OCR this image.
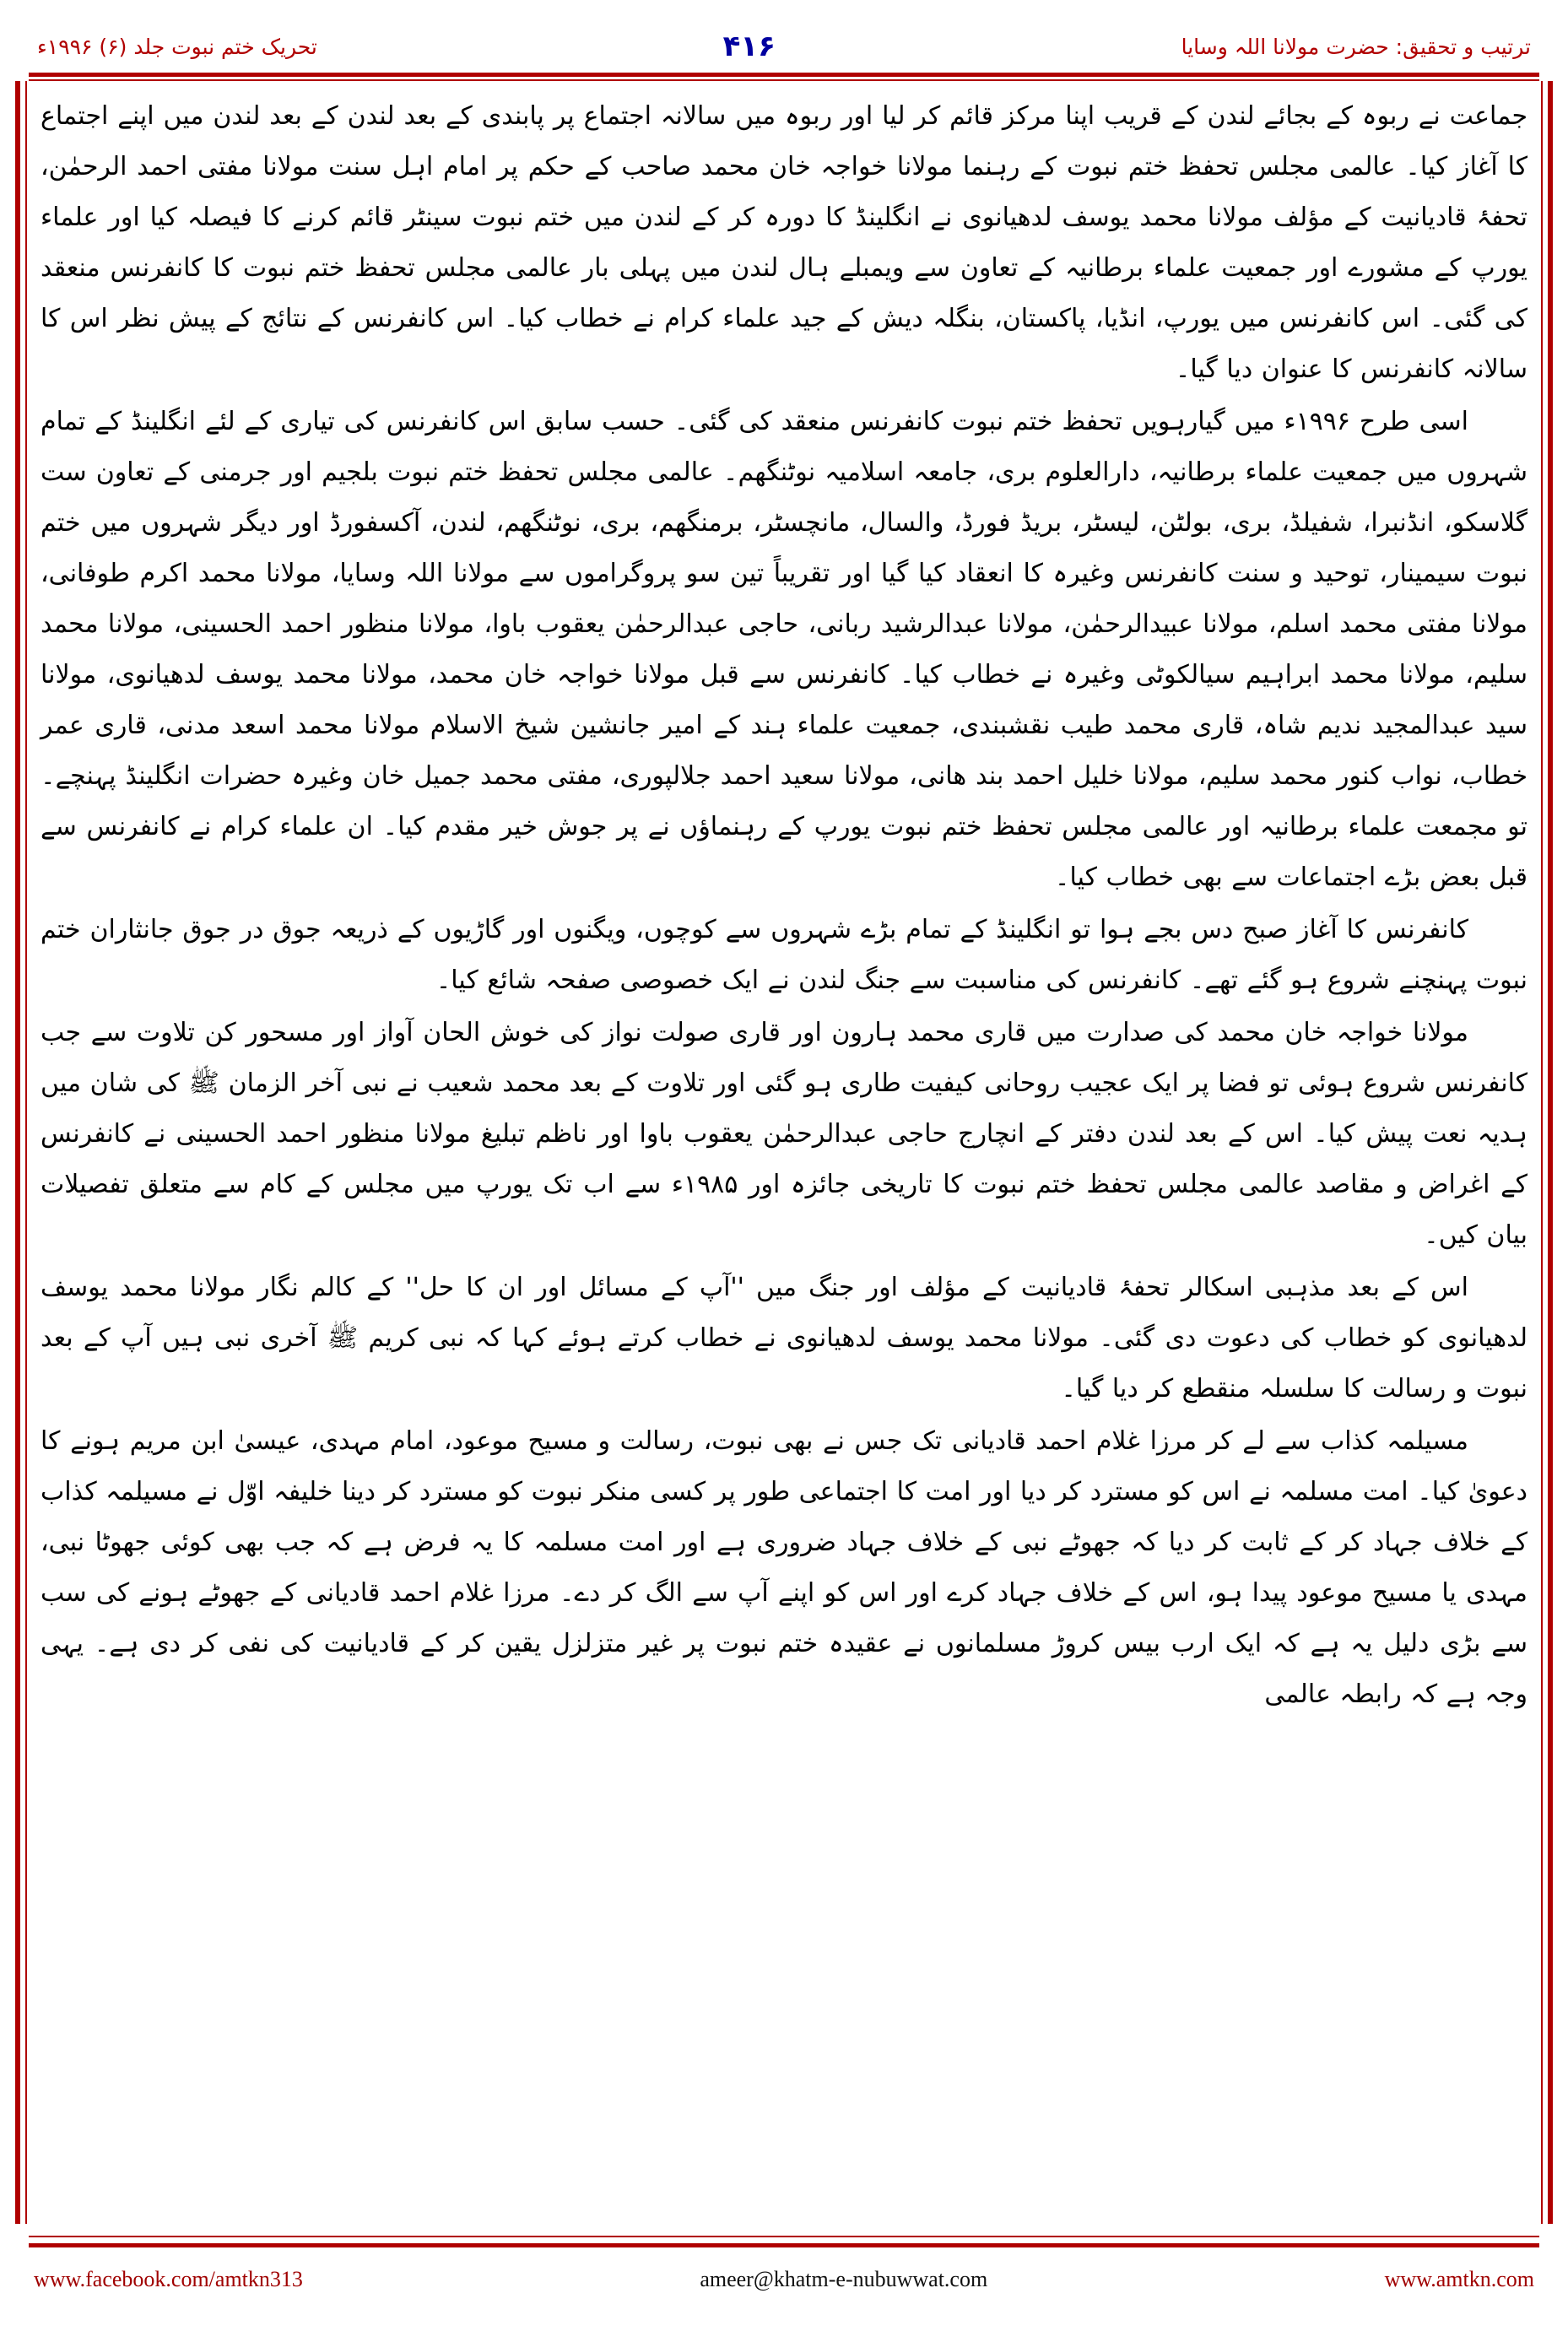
ترتیب و تحقیق: حضرت مولانا اللہ وسایا
۴۱۶
تحریک ختم نبوت جلد (۶) ۱۹۹۶ء

جماعت نے ربوہ کے بجائے لندن کے قریب اپنا مرکز قائم کر لیا اور ربوہ میں سالانہ اجتماع پر پابندی کے بعد لندن کے بعد لندن میں اپنے اجتماع کا آغاز کیا۔ عالمی مجلس تحفظ ختم نبوت کے رہنما مولانا خواجہ خان محمد صاحب کے حکم پر امام اہل سنت مولانا مفتی احمد الرحمٰن، تحفۂ قادیانیت کے مؤلف مولانا محمد یوسف لدھیانوی نے انگلینڈ کا دورہ کر کے لندن میں ختم نبوت سینٹر قائم کرنے کا فیصلہ کیا اور علماء یورپ کے مشورے اور جمعیت علماء برطانیہ کے تعاون سے ویمبلے ہال لندن میں پہلی بار عالمی مجلس تحفظ ختم نبوت کا کانفرنس منعقد کی گئی۔ اس کانفرنس میں یورپ، انڈیا، پاکستان، بنگلہ دیش کے جید علماء کرام نے خطاب کیا۔ اس کانفرنس کے نتائج کے پیش نظر اس کا سالانہ کانفرنس کا عنوان دیا گیا۔

اسی طرح ۱۹۹۶ء میں گیارہویں تحفظ ختم نبوت کانفرنس منعقد کی گئی۔ حسب سابق اس کانفرنس کی تیاری کے لئے انگلینڈ کے تمام شہروں میں جمعیت علماء برطانیہ، دارالعلوم بری، جامعہ اسلامیہ نوٹنگھم۔ عالمی مجلس تحفظ ختم نبوت بلجیم اور جرمنی کے تعاون ست گلاسکو، انڈنبرا، شفیلڈ، بری، بولٹن، لیسٹر، بریڈ فورڈ، والسال، مانچسٹر، برمنگھم، بری، نوٹنگھم، لندن، آکسفورڈ اور دیگر شہروں میں ختم نبوت سیمینار، توحید و سنت کانفرنس وغیرہ کا انعقاد کیا گیا اور تقریباً تین سو پروگراموں سے مولانا اللہ وسایا، مولانا محمد اکرم طوفانی، مولانا مفتی محمد اسلم، مولانا عبیدالرحمٰن، مولانا عبدالرشید ربانی، حاجی عبدالرحمٰن یعقوب باوا، مولانا منظور احمد الحسینی، مولانا محمد سلیم، مولانا محمد ابراہیم سیالکوٹی وغیرہ نے خطاب کیا۔ کانفرنس سے قبل مولانا خواجہ خان محمد، مولانا محمد یوسف لدھیانوی، مولانا سید عبدالمجید ندیم شاہ، قاری محمد طیب نقشبندی، جمعیت علماء ہند کے امیر جانشین شیخ الاسلام مولانا محمد اسعد مدنی، قاری عمر خطاب، نواب کنور محمد سلیم، مولانا خلیل احمد بند ھانی، مولانا سعید احمد جلالپوری، مفتی محمد جمیل خان وغیرہ حضرات انگلینڈ پہنچے۔ تو مجمعت علماء برطانیہ اور عالمی مجلس تحفظ ختم نبوت یورپ کے رہنماؤں نے پر جوش خیر مقدم کیا۔ ان علماء کرام نے کانفرنس سے قبل بعض بڑے اجتماعات سے بھی خطاب کیا۔

کانفرنس کا آغاز صبح دس بجے ہوا تو انگلینڈ کے تمام بڑے شہروں سے کوچوں، ویگنوں اور گاڑیوں کے ذریعہ جوق در جوق جانثاران ختم نبوت پہنچنے شروع ہو گئے تھے۔ کانفرنس کی مناسبت سے جنگ لندن نے ایک خصوصی صفحہ شائع کیا۔

مولانا خواجہ خان محمد کی صدارت میں قاری محمد ہارون اور قاری صولت نواز کی خوش الحان آواز اور مسحور کن تلاوت سے جب کانفرنس شروع ہوئی تو فضا پر ایک عجیب روحانی کیفیت طاری ہو گئی اور تلاوت کے بعد محمد شعیب نے نبی آخر الزمان ﷺ کی شان میں ہدیہ نعت پیش کیا۔ اس کے بعد لندن دفتر کے انچارج حاجی عبدالرحمٰن یعقوب باوا اور ناظم تبلیغ مولانا منظور احمد الحسینی نے کانفرنس کے اغراض و مقاصد عالمی مجلس تحفظ ختم نبوت کا تاریخی جائزہ اور ۱۹۸۵ء سے اب تک یورپ میں مجلس کے کام سے متعلق تفصیلات بیان کیں۔

اس کے بعد مذہبی اسکالر تحفۂ قادیانیت کے مؤلف اور جنگ میں ''آپ کے مسائل اور ان کا حل'' کے کالم نگار مولانا محمد یوسف لدھیانوی کو خطاب کی دعوت دی گئی۔ مولانا محمد یوسف لدھیانوی نے خطاب کرتے ہوئے کہا کہ نبی کریم ﷺ آخری نبی ہیں آپ کے بعد نبوت و رسالت کا سلسلہ منقطع کر دیا گیا۔

مسیلمہ کذاب سے لے کر مرزا غلام احمد قادیانی تک جس نے بھی نبوت، رسالت و مسیح موعود، امام مہدی، عیسیٰ ابن مریم ہونے کا دعویٰ کیا۔ امت مسلمہ نے اس کو مسترد کر دیا اور امت کا اجتماعی طور پر کسی منکر نبوت کو مسترد کر دینا خلیفہ اوّل نے مسیلمہ کذاب کے خلاف جہاد کر کے ثابت کر دیا کہ جھوٹے نبی کے خلاف جہاد ضروری ہے اور امت مسلمہ کا یہ فرض ہے کہ جب بھی کوئی جھوٹا نبی، مہدی یا مسیح موعود پیدا ہو، اس کے خلاف جہاد کرے اور اس کو اپنے آپ سے الگ کر دے۔ مرزا غلام احمد قادیانی کے جھوٹے ہونے کی سب سے بڑی دلیل یہ ہے کہ ایک ارب بیس کروڑ مسلمانوں نے عقیدہ ختم نبوت پر غیر متزلزل یقین کر کے قادیانیت کی نفی کر دی ہے۔ یہی وجہ ہے کہ رابطہ عالمی

www.amtkn.com
ameer@khatm-e-nubuwwat.com
www.facebook.com/amtkn313
